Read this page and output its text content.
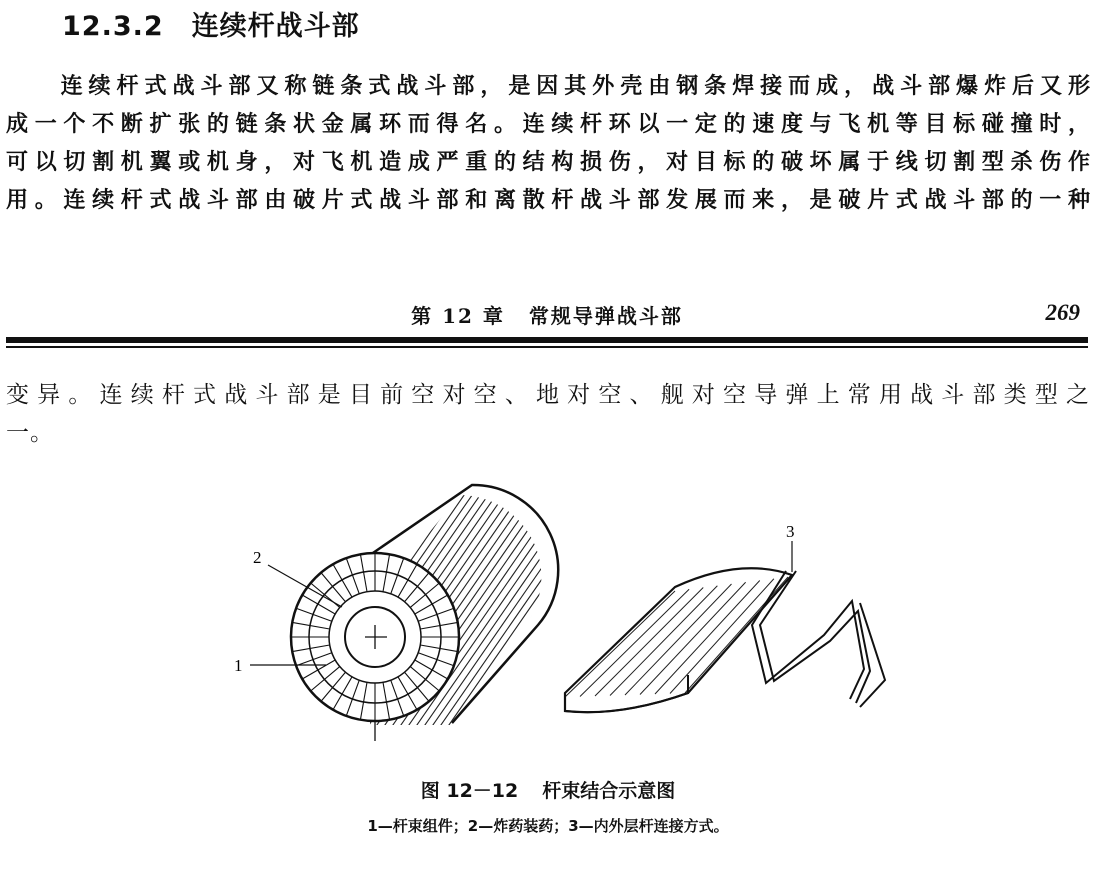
12.3.2 连续杆战斗部
连续杆式战斗部又称链条式战斗部，是因其外壳由钢条焊接而成，战斗部爆炸后又形
成一个不断扩张的链条状金属环而得名。连续杆环以一定的速度与飞机等目标碰撞时，
可以切割机翼或机身，对飞机造成严重的结构损伤，对目标的破坏属于线切割型杀伤作
用。连续杆式战斗部由破片式战斗部和离散杆战斗部发展而来，是破片式战斗部的一种
第 12 章 常规导弹战斗部	269
变异。连续杆式战斗部是目前空对空、地对空、舰对空导弹上常用战斗部类型之
一。
2
1
3
图 12－12 杆束结合示意图
1—杆束组件；2—炸药装药；3—内外层杆连接方式。
